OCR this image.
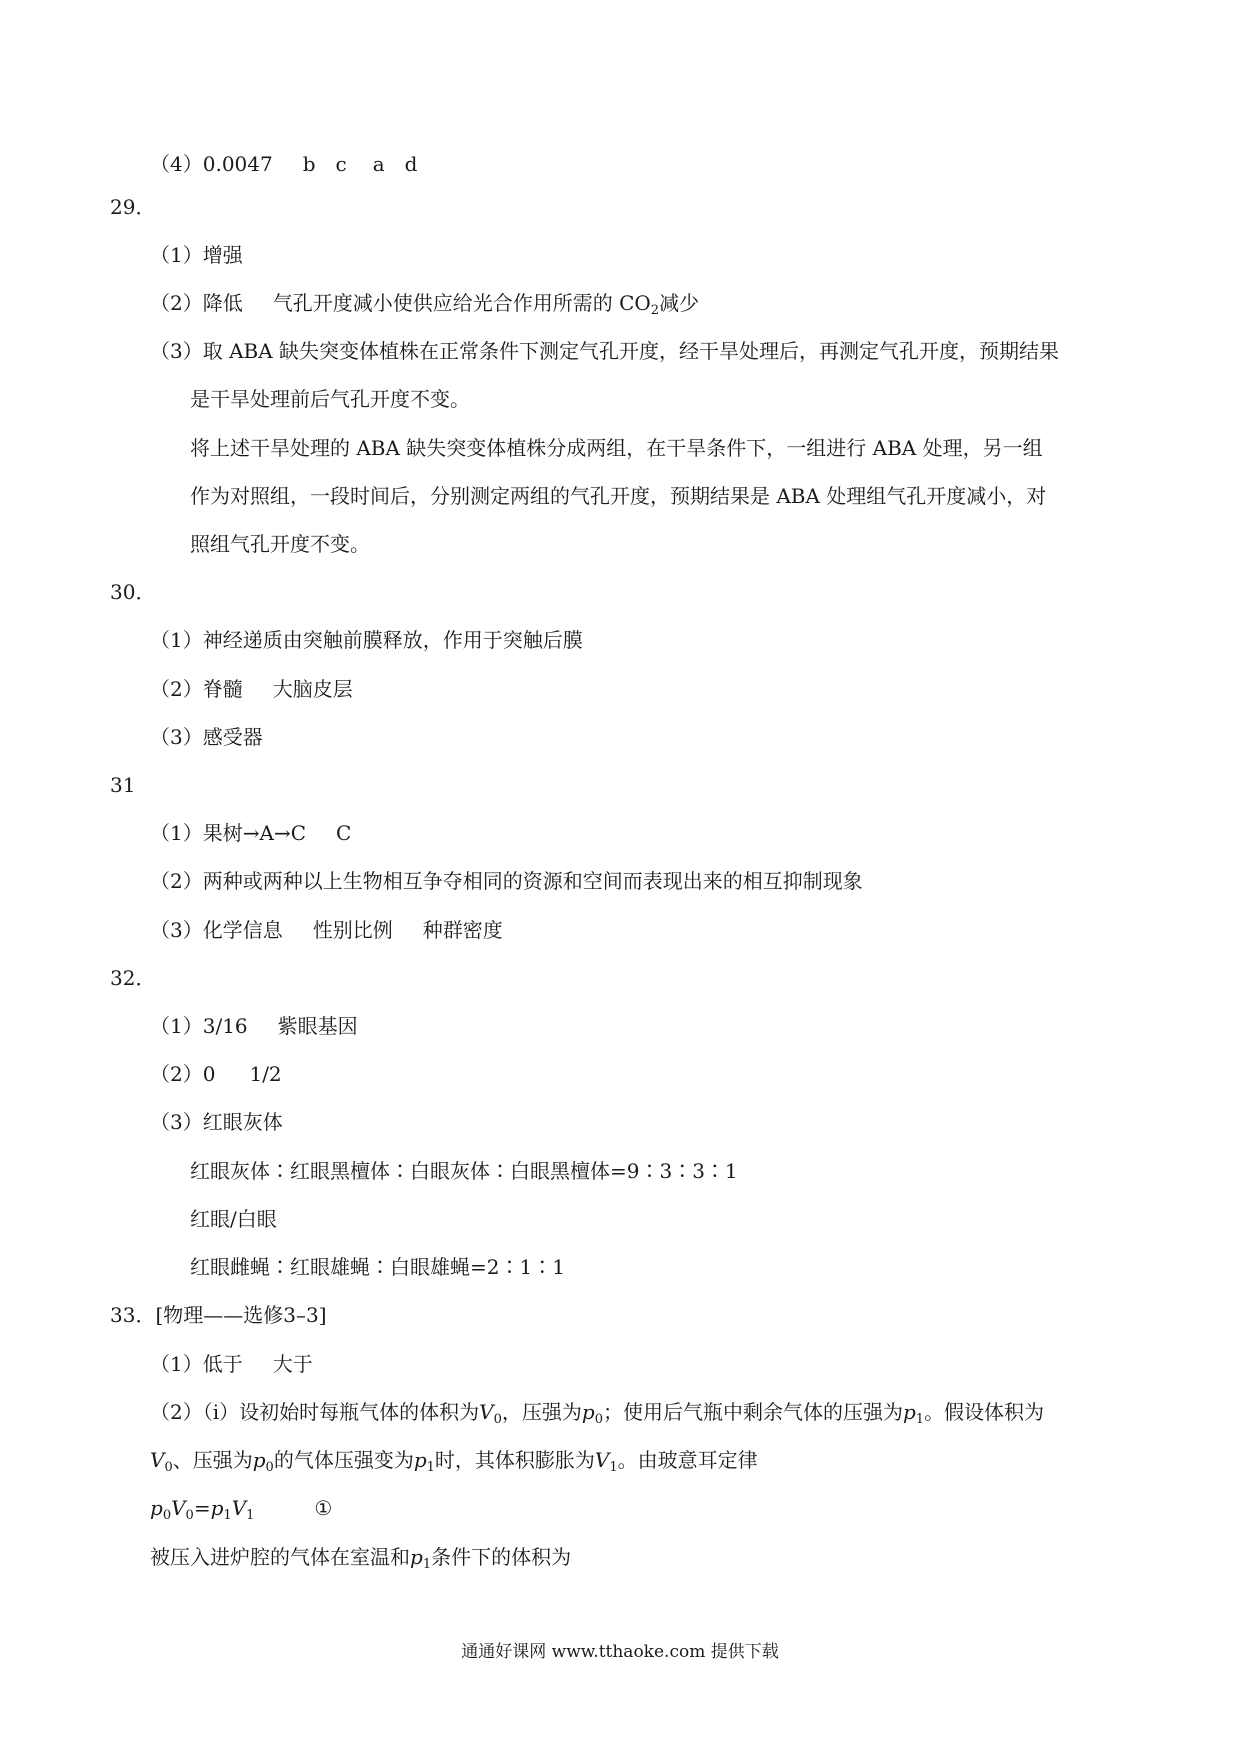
（4）0.0047 b c a d
29．
（1）增强
（2）降低 气孔开度减小使供应给光合作用所需的 $CO_2$减少
（3）取 ABA 缺失突变体植株在正常条件下测定气孔开度，经干旱处理后，再测定气孔开度，预期结果
是干旱处理前后气孔开度不变。
将上述干旱处理的 ABA 缺失突变体植株分成两组，在干旱条件下，一组进行 ABA 处理，另一组
作为对照组，一段时间后，分别测定两组的气孔开度，预期结果是 ABA 处理组气孔开度减小，对
照组气孔开度不变。
30．
（1）神经递质由突触前膜释放，作用于突触后膜
（2）脊髓 大脑皮层
（3）感受器
31
（1）果树→A→C C
（2）两种或两种以上生物相互争夺相同的资源和空间而表现出来的相互抑制现象
（3）化学信息 性别比例 种群密度
32．
（1）3/16 紫眼基因
（2）0 1/2
（3）红眼灰体
红眼灰体∶红眼黑檀体∶白眼灰体∶白眼黑檀体=9∶3∶3∶1
红眼/白眼
红眼雌蝇∶红眼雄蝇∶白眼雄蝇=2∶1∶1
33．[物理——选修3–3]
（1）低于 大于
（2）（i）设初始时每瓶气体的体积为$V_0$，压强为$p_0$；使用后气瓶中剩余气体的压强为$p_1$。假设体积为
$V_0$、压强为$p_0$的气体压强变为$p_1$时，其体积膨胀为$V_1$。由玻意耳定律
$p_0V_0=p_1V_1$	①
被压入进炉腔的气体在室温和$p_1$条件下的体积为
通通好课网 www.tthaoke.com 提供下载
